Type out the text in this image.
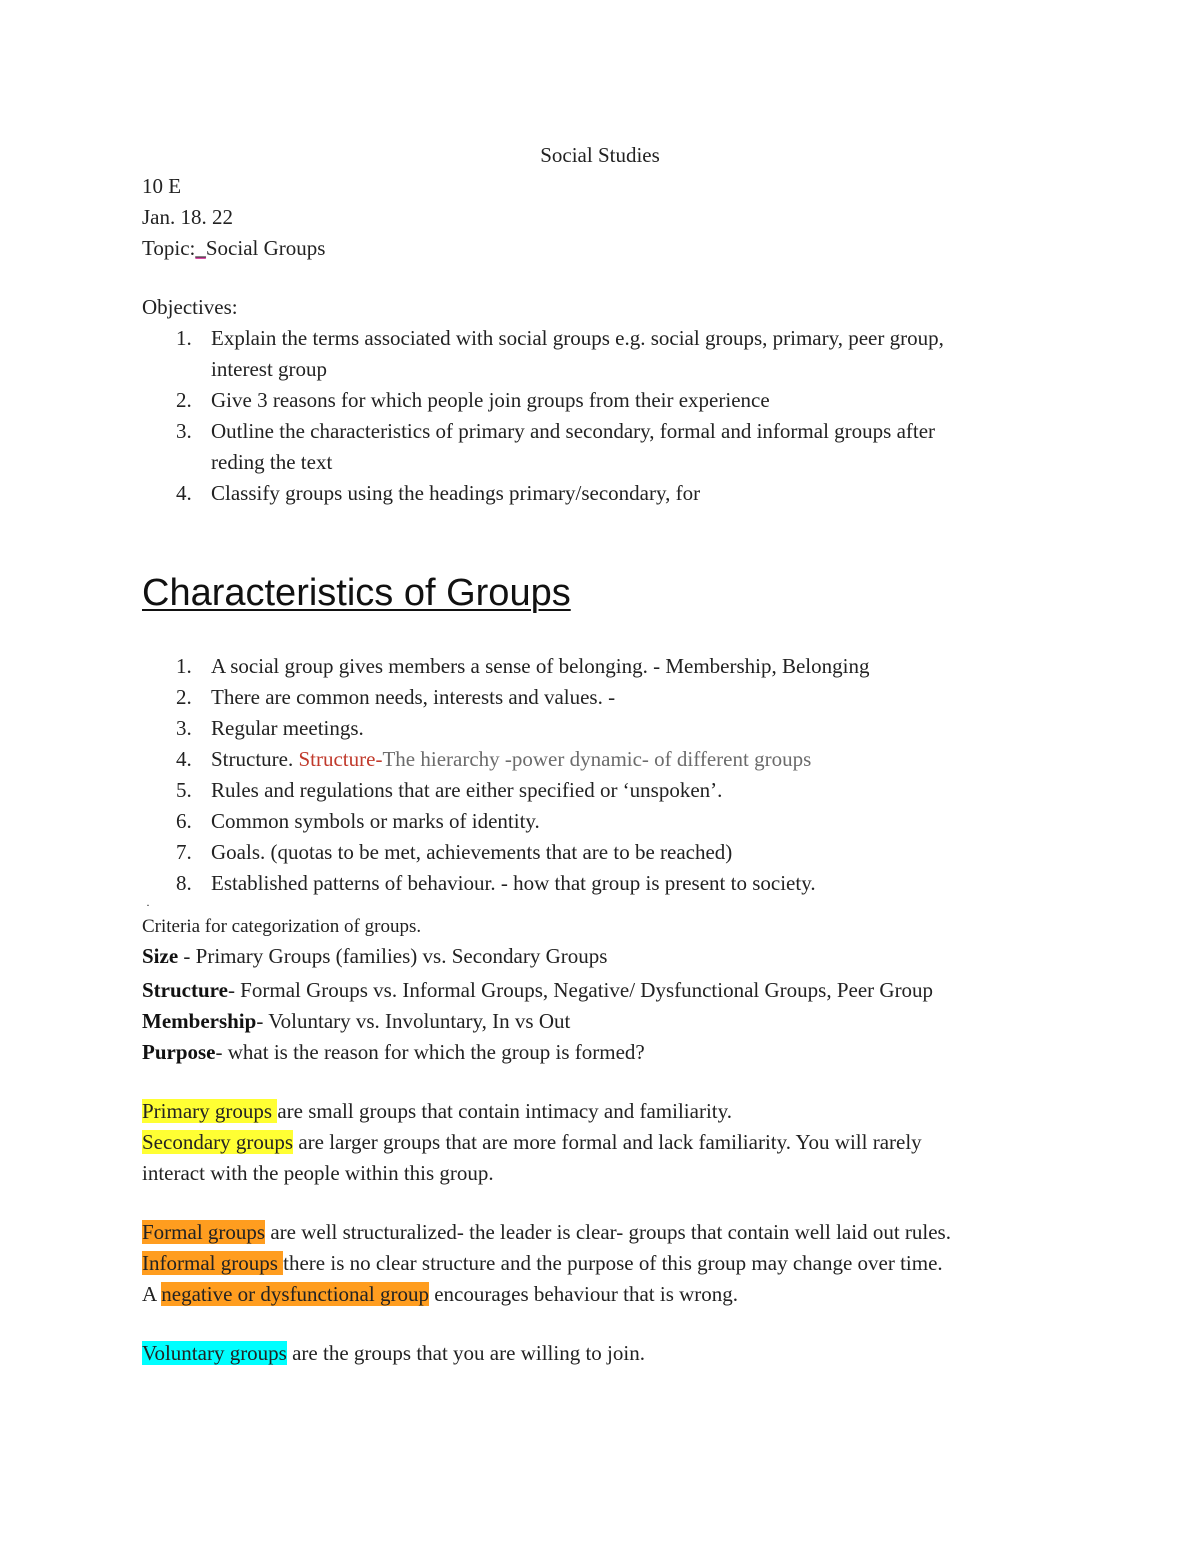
Social Studies

10 E

Jan. 18. 22

Topic:_Social Groups

Objectives:

1. Explain the terms associated with social groups e.g. social groups, primary, peer group,
interest group
2. Give 3 reasons for which people join groups from their experience
3. Outline the characteristics of primary and secondary, formal and informal groups after
reding the text
4. Classify groups using the headings primary/secondary, for
Characteristics of Groups
1. A social group gives members a sense of belonging. - Membership, Belonging
2. There are common needs, interests and values. -
3. Regular meetings.
4. Structure. Structure-The hierarchy -power dynamic- of different groups
5. Rules and regulations that are either specified or ‘unspoken’.
6. Common symbols or marks of identity.
7. Goals. (quotas to be met, achievements that are to be reached)
8. Established patterns of behaviour. - how that group is present to society.

·

Criteria for categorization of groups.

Size - Primary Groups (families) vs. Secondary Groups

Structure- Formal Groups vs. Informal Groups, Negative/ Dysfunctional Groups, Peer Group

Membership- Voluntary vs. Involuntary, In vs Out

Purpose- what is the reason for which the group is formed?

Primary groups are small groups that contain intimacy and familiarity.

Secondary groups are larger groups that are more formal and lack familiarity. You will rarely
interact with the people within this group.

Formal groups are well structuralized- the leader is clear- groups that contain well laid out rules.

Informal groups there is no clear structure and the purpose of this group may change over time.

A negative or dysfunctional group encourages behaviour that is wrong.

Voluntary groups are the groups that you are willing to join.
